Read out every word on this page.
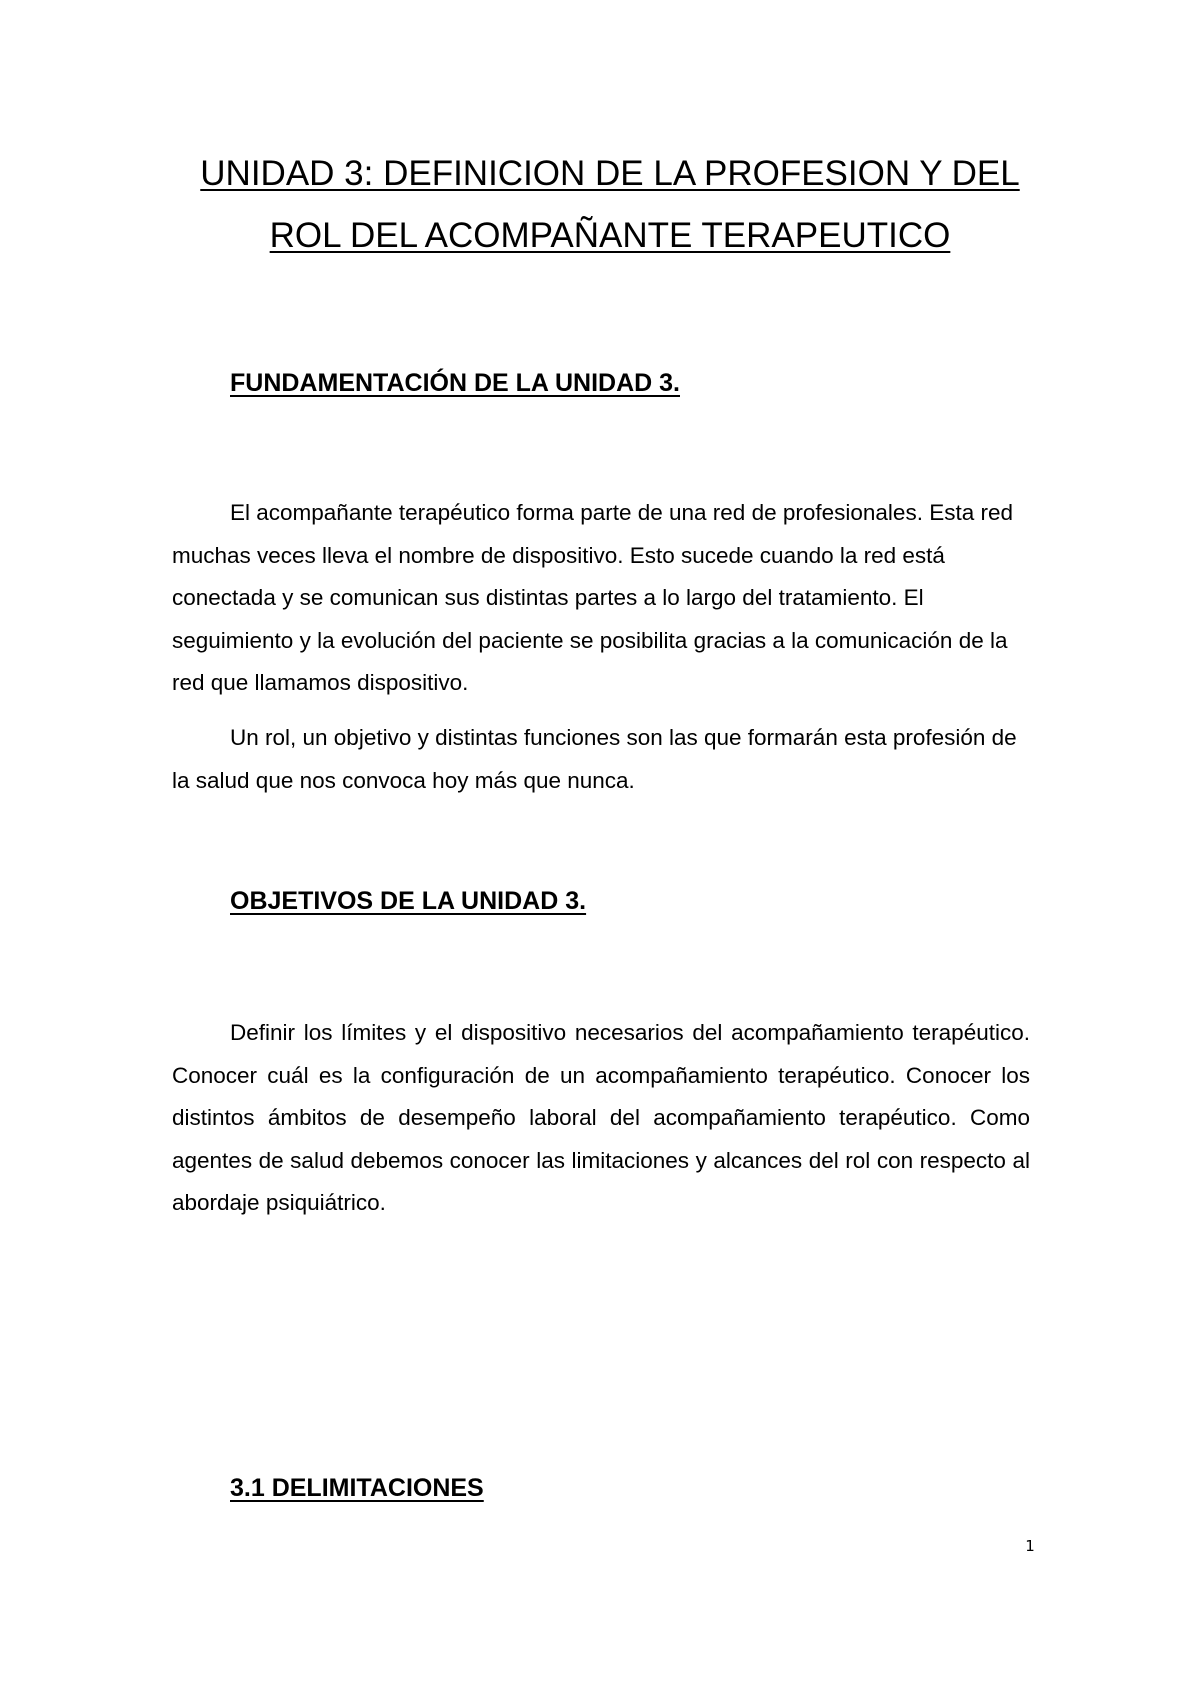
UNIDAD 3: DEFINICION DE LA PROFESION Y DEL ROL DEL ACOMPAÑANTE TERAPEUTICO
FUNDAMENTACIÓN DE LA UNIDAD 3.

El acompañante terapéutico forma parte de una red de profesionales. Esta red muchas veces lleva el nombre de dispositivo. Esto sucede cuando la red está conectada y se comunican sus distintas partes a lo largo del tratamiento. El seguimiento y la evolución del paciente se posibilita gracias a la comunicación de la red que llamamos dispositivo.

Un rol, un objetivo y distintas funciones son las que formarán esta profesión de la salud que nos convoca hoy más que nunca.

OBJETIVOS DE LA UNIDAD 3.

Definir los límites y el dispositivo necesarios del acompañamiento terapéutico. Conocer cuál es la configuración de un acompañamiento terapéutico. Conocer los distintos ámbitos de desempeño laboral del acompañamiento terapéutico. Como agentes de salud debemos conocer las limitaciones y alcances del rol con respecto al abordaje psiquiátrico.

3.1 DELIMITACIONES
1
